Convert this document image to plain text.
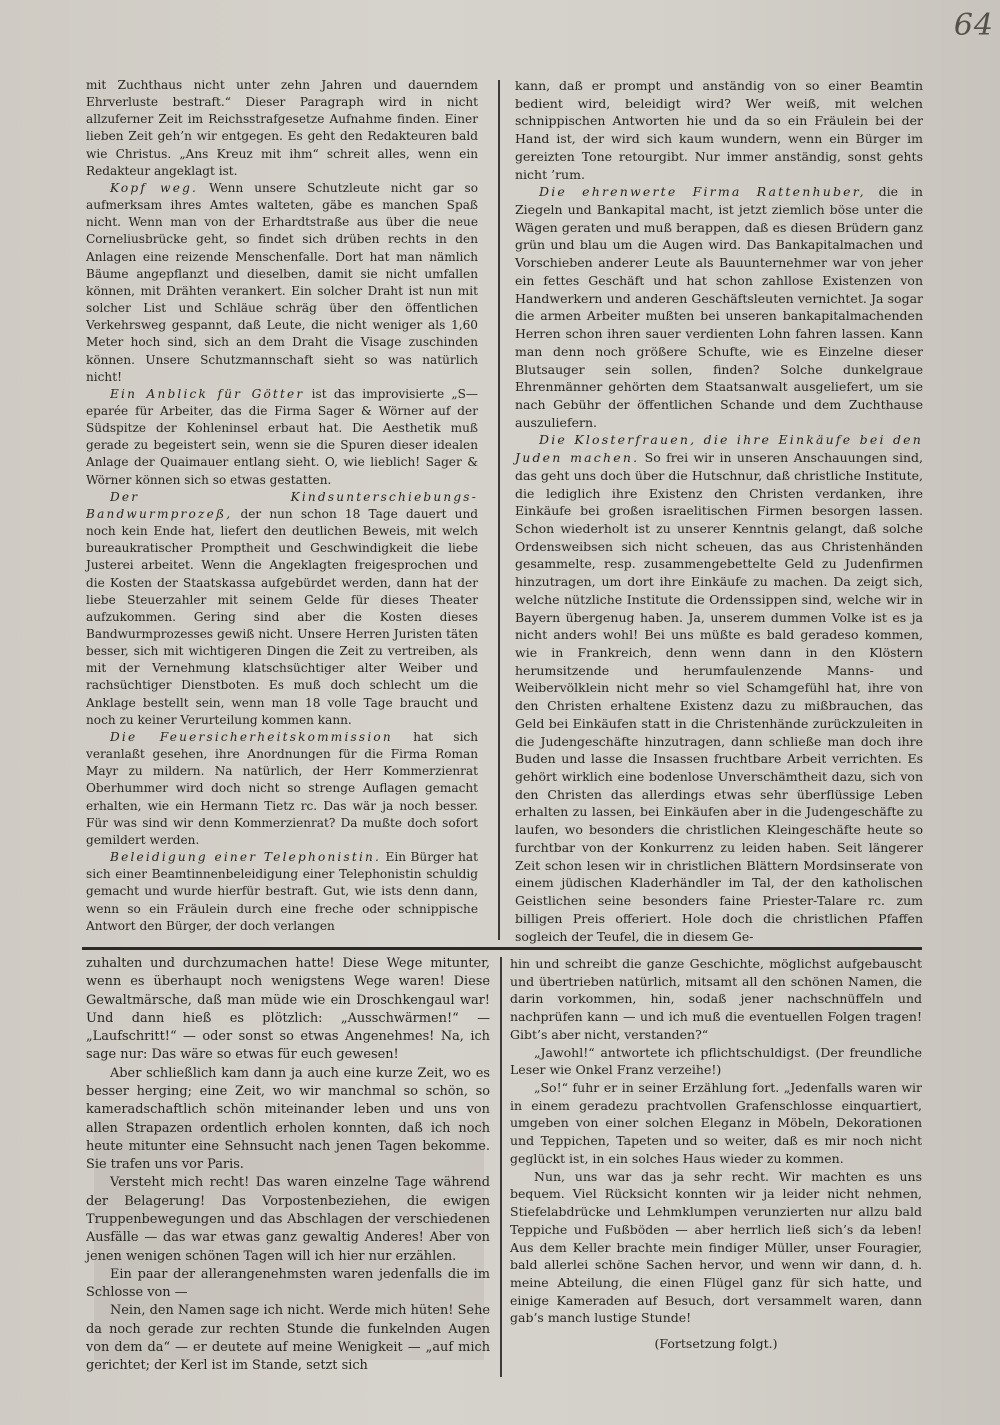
64

mit Zuchthaus nicht unter zehn Jahren und dauerndem Ehrverluste bestraft.“ Dieser Paragraph wird in nicht allzuferner Zeit im Reichsstrafgesetze Aufnahme finden. Einer lieben Zeit geh’n wir entgegen. Es geht den Redakteuren bald wie Christus. „Ans Kreuz mit ihm“ schreit alles, wenn ein Redakteur angeklagt ist.

Kopf weg. Wenn unsere Schutzleute nicht gar so aufmerksam ihres Amtes walteten, gäbe es manchen Spaß nicht. Wenn man von der Erhardtstraße aus über die neue Corneliusbrücke geht, so findet sich drüben rechts in den Anlagen eine reizende Menschenfalle. Dort hat man nämlich Bäume angepflanzt und dieselben, damit sie nicht umfallen können, mit Drähten verankert. Ein solcher Draht ist nun mit solcher List und Schläue schräg über den öffentlichen Verkehrsweg gespannt, daß Leute, die nicht weniger als 1,60 Meter hoch sind, sich an dem Draht die Visage zuschinden können. Unsere Schutzmannschaft sieht so was natürlich nicht!

Ein Anblick für Götter ist das improvisierte „S—eparée für Arbeiter, das die Firma Sager & Wörner auf der Südspitze der Kohleninsel erbaut hat. Die Aesthetik muß gerade zu begeistert sein, wenn sie die Spuren dieser idealen Anlage der Quaimauer entlang sieht. O, wie lieblich! Sager & Wörner können sich so etwas gestatten.

Der Kindsunterschiebungs-Bandwurmprozeß, der nun schon 18 Tage dauert und noch kein Ende hat, liefert den deutlichen Beweis, mit welch bureaukratischer Promptheit und Geschwindigkeit die liebe Justerei arbeitet. Wenn die Angeklagten freigesprochen und die Kosten der Staatskassa aufgebürdet werden, dann hat der liebe Steuerzahler mit seinem Gelde für dieses Theater aufzukommen. Gering sind aber die Kosten dieses Bandwurmprozesses gewiß nicht. Unsere Herren Juristen täten besser, sich mit wichtigeren Dingen die Zeit zu vertreiben, als mit der Vernehmung klatschsüchtiger alter Weiber und rachsüchtiger Dienstboten. Es muß doch schlecht um die Anklage bestellt sein, wenn man 18 volle Tage braucht und noch zu keiner Verurteilung kommen kann.

Die Feuersicherheitskommission hat sich veranlaßt gesehen, ihre Anordnungen für die Firma Roman Mayr zu mildern. Na natürlich, der Herr Kommerzienrat Oberhummer wird doch nicht so strenge Auflagen gemacht erhalten, wie ein Hermann Tietz rc. Das wär ja noch besser. Für was sind wir denn Kommerzienrat? Da mußte doch sofort gemildert werden.

Beleidigung einer Telephonistin. Ein Bürger hat sich einer Beamtinnenbeleidigung einer Telephonistin schuldig gemacht und wurde hierfür bestraft. Gut, wie ists denn dann, wenn so ein Fräulein durch eine freche oder schnippische Antwort den Bürger, der doch verlangen

kann, daß er prompt und anständig von so einer Beamtin bedient wird, beleidigt wird? Wer weiß, mit welchen schnippischen Antworten hie und da so ein Fräulein bei der Hand ist, der wird sich kaum wundern, wenn ein Bürger im gereizten Tone retourgibt. Nur immer anständig, sonst gehts nicht ’rum.

Die ehrenwerte Firma Rattenhuber, die in Ziegeln und Bankapital macht, ist jetzt ziemlich böse unter die Wägen geraten und muß berappen, daß es diesen Brüdern ganz grün und blau um die Augen wird. Das Bankapitalmachen und Vorschieben anderer Leute als Bauunternehmer war von jeher ein fettes Geschäft und hat schon zahllose Existenzen von Handwerkern und anderen Geschäftsleuten vernichtet. Ja sogar die armen Arbeiter mußten bei unseren bankapitalmachenden Herren schon ihren sauer verdienten Lohn fahren lassen. Kann man denn noch größere Schufte, wie es Einzelne dieser Blutsauger sein sollen, finden? Solche dunkelgraue Ehrenmänner gehörten dem Staatsanwalt ausgeliefert, um sie nach Gebühr der öffentlichen Schande und dem Zuchthause auszuliefern.

Die Klosterfrauen, die ihre Einkäufe bei den Juden machen. So frei wir in unseren Anschauungen sind, das geht uns doch über die Hutschnur, daß christliche Institute, die lediglich ihre Existenz den Christen verdanken, ihre Einkäufe bei großen israelitischen Firmen besorgen lassen. Schon wiederholt ist zu unserer Kenntnis gelangt, daß solche Ordensweibsen sich nicht scheuen, das aus Christenhänden gesammelte, resp. zusammengebettelte Geld zu Judenfirmen hinzutragen, um dort ihre Einkäufe zu machen. Da zeigt sich, welche nützliche Institute die Ordenssippen sind, welche wir in Bayern übergenug haben. Ja, unserem dummen Volke ist es ja nicht anders wohl! Bei uns müßte es bald geradeso kommen, wie in Frankreich, denn wenn dann in den Klöstern herumsitzende und herumfaulenzende Manns- und Weibervölklein nicht mehr so viel Schamgefühl hat, ihre von den Christen erhaltene Existenz dazu zu mißbrauchen, das Geld bei Einkäufen statt in die Christenhände zurückzuleiten in die Judengeschäfte hinzutragen, dann schließe man doch ihre Buden und lasse die Insassen fruchtbare Arbeit verrichten. Es gehört wirklich eine bodenlose Unverschämtheit dazu, sich von den Christen das allerdings etwas sehr überflüssige Leben erhalten zu lassen, bei Einkäufen aber in die Judengeschäfte zu laufen, wo besonders die christlichen Kleingeschäfte heute so furchtbar von der Konkurrenz zu leiden haben. Seit längerer Zeit schon lesen wir in christlichen Blättern Mordsinserate von einem jüdischen Kladerhändler im Tal, der den katholischen Geistlichen seine besonders faine Priester-Talare rc. zum billigen Preis offeriert. Hole doch die christlichen Pfaffen sogleich der Teufel, die in diesem Ge-

zuhalten und durchzumachen hatte! Diese Wege mitunter, wenn es überhaupt noch wenigstens Wege waren! Diese Gewaltmärsche, daß man müde wie ein Droschkengaul war! Und dann hieß es plötzlich: „Ausschwärmen!“ — „Laufschritt!“ — oder sonst so etwas Angenehmes! Na, ich sage nur: Das wäre so etwas für euch gewesen!

Aber schließlich kam dann ja auch eine kurze Zeit, wo es besser herging; eine Zeit, wo wir manchmal so schön, so kameradschaftlich schön miteinander leben und uns von allen Strapazen ordentlich erholen konnten, daß ich noch heute mitunter eine Sehnsucht nach jenen Tagen bekomme. Sie trafen uns vor Paris.

Versteht mich recht! Das waren einzelne Tage während der Belagerung! Das Vorpostenbeziehen, die ewigen Truppenbewegungen und das Abschlagen der verschiedenen Ausfälle — das war etwas ganz gewaltig Anderes! Aber von jenen wenigen schönen Tagen will ich hier nur erzählen.

Ein paar der allerangenehmsten waren jedenfalls die im Schlosse von —

Nein, den Namen sage ich nicht. Werde mich hüten! Sehe da noch gerade zur rechten Stunde die funkelnden Augen von dem da“ — er deutete auf meine Wenigkeit — „auf mich gerichtet; der Kerl ist im Stande, setzt sich

hin und schreibt die ganze Geschichte, möglichst aufgebauscht und übertrieben natürlich, mitsamt all den schönen Namen, die darin vorkommen, hin, sodaß jener nachschnüffeln und nachprüfen kann — und ich muß die eventuellen Folgen tragen! Gibt’s aber nicht, verstanden?“

„Jawohl!“ antwortete ich pflichtschuldigst. (Der freundliche Leser wie Onkel Franz verzeihe!)

„So!“ fuhr er in seiner Erzählung fort. „Jedenfalls waren wir in einem geradezu prachtvollen Grafenschlosse einquartiert, umgeben von einer solchen Eleganz in Möbeln, Dekorationen und Teppichen, Tapeten und so weiter, daß es mir noch nicht geglückt ist, in ein solches Haus wieder zu kommen.

Nun, uns war das ja sehr recht. Wir machten es uns bequem. Viel Rücksicht konnten wir ja leider nicht nehmen, Stiefelabdrücke und Lehmklumpen verunzierten nur allzu bald Teppiche und Fußböden — aber herrlich ließ sich’s da leben! Aus dem Keller brachte mein findiger Müller, unser Fouragier, bald allerlei schöne Sachen hervor, und wenn wir dann, d. h. meine Abteilung, die einen Flügel ganz für sich hatte, und einige Kameraden auf Besuch, dort versammelt waren, dann gab’s manch lustige Stunde!

(Fortsetzung folgt.)
